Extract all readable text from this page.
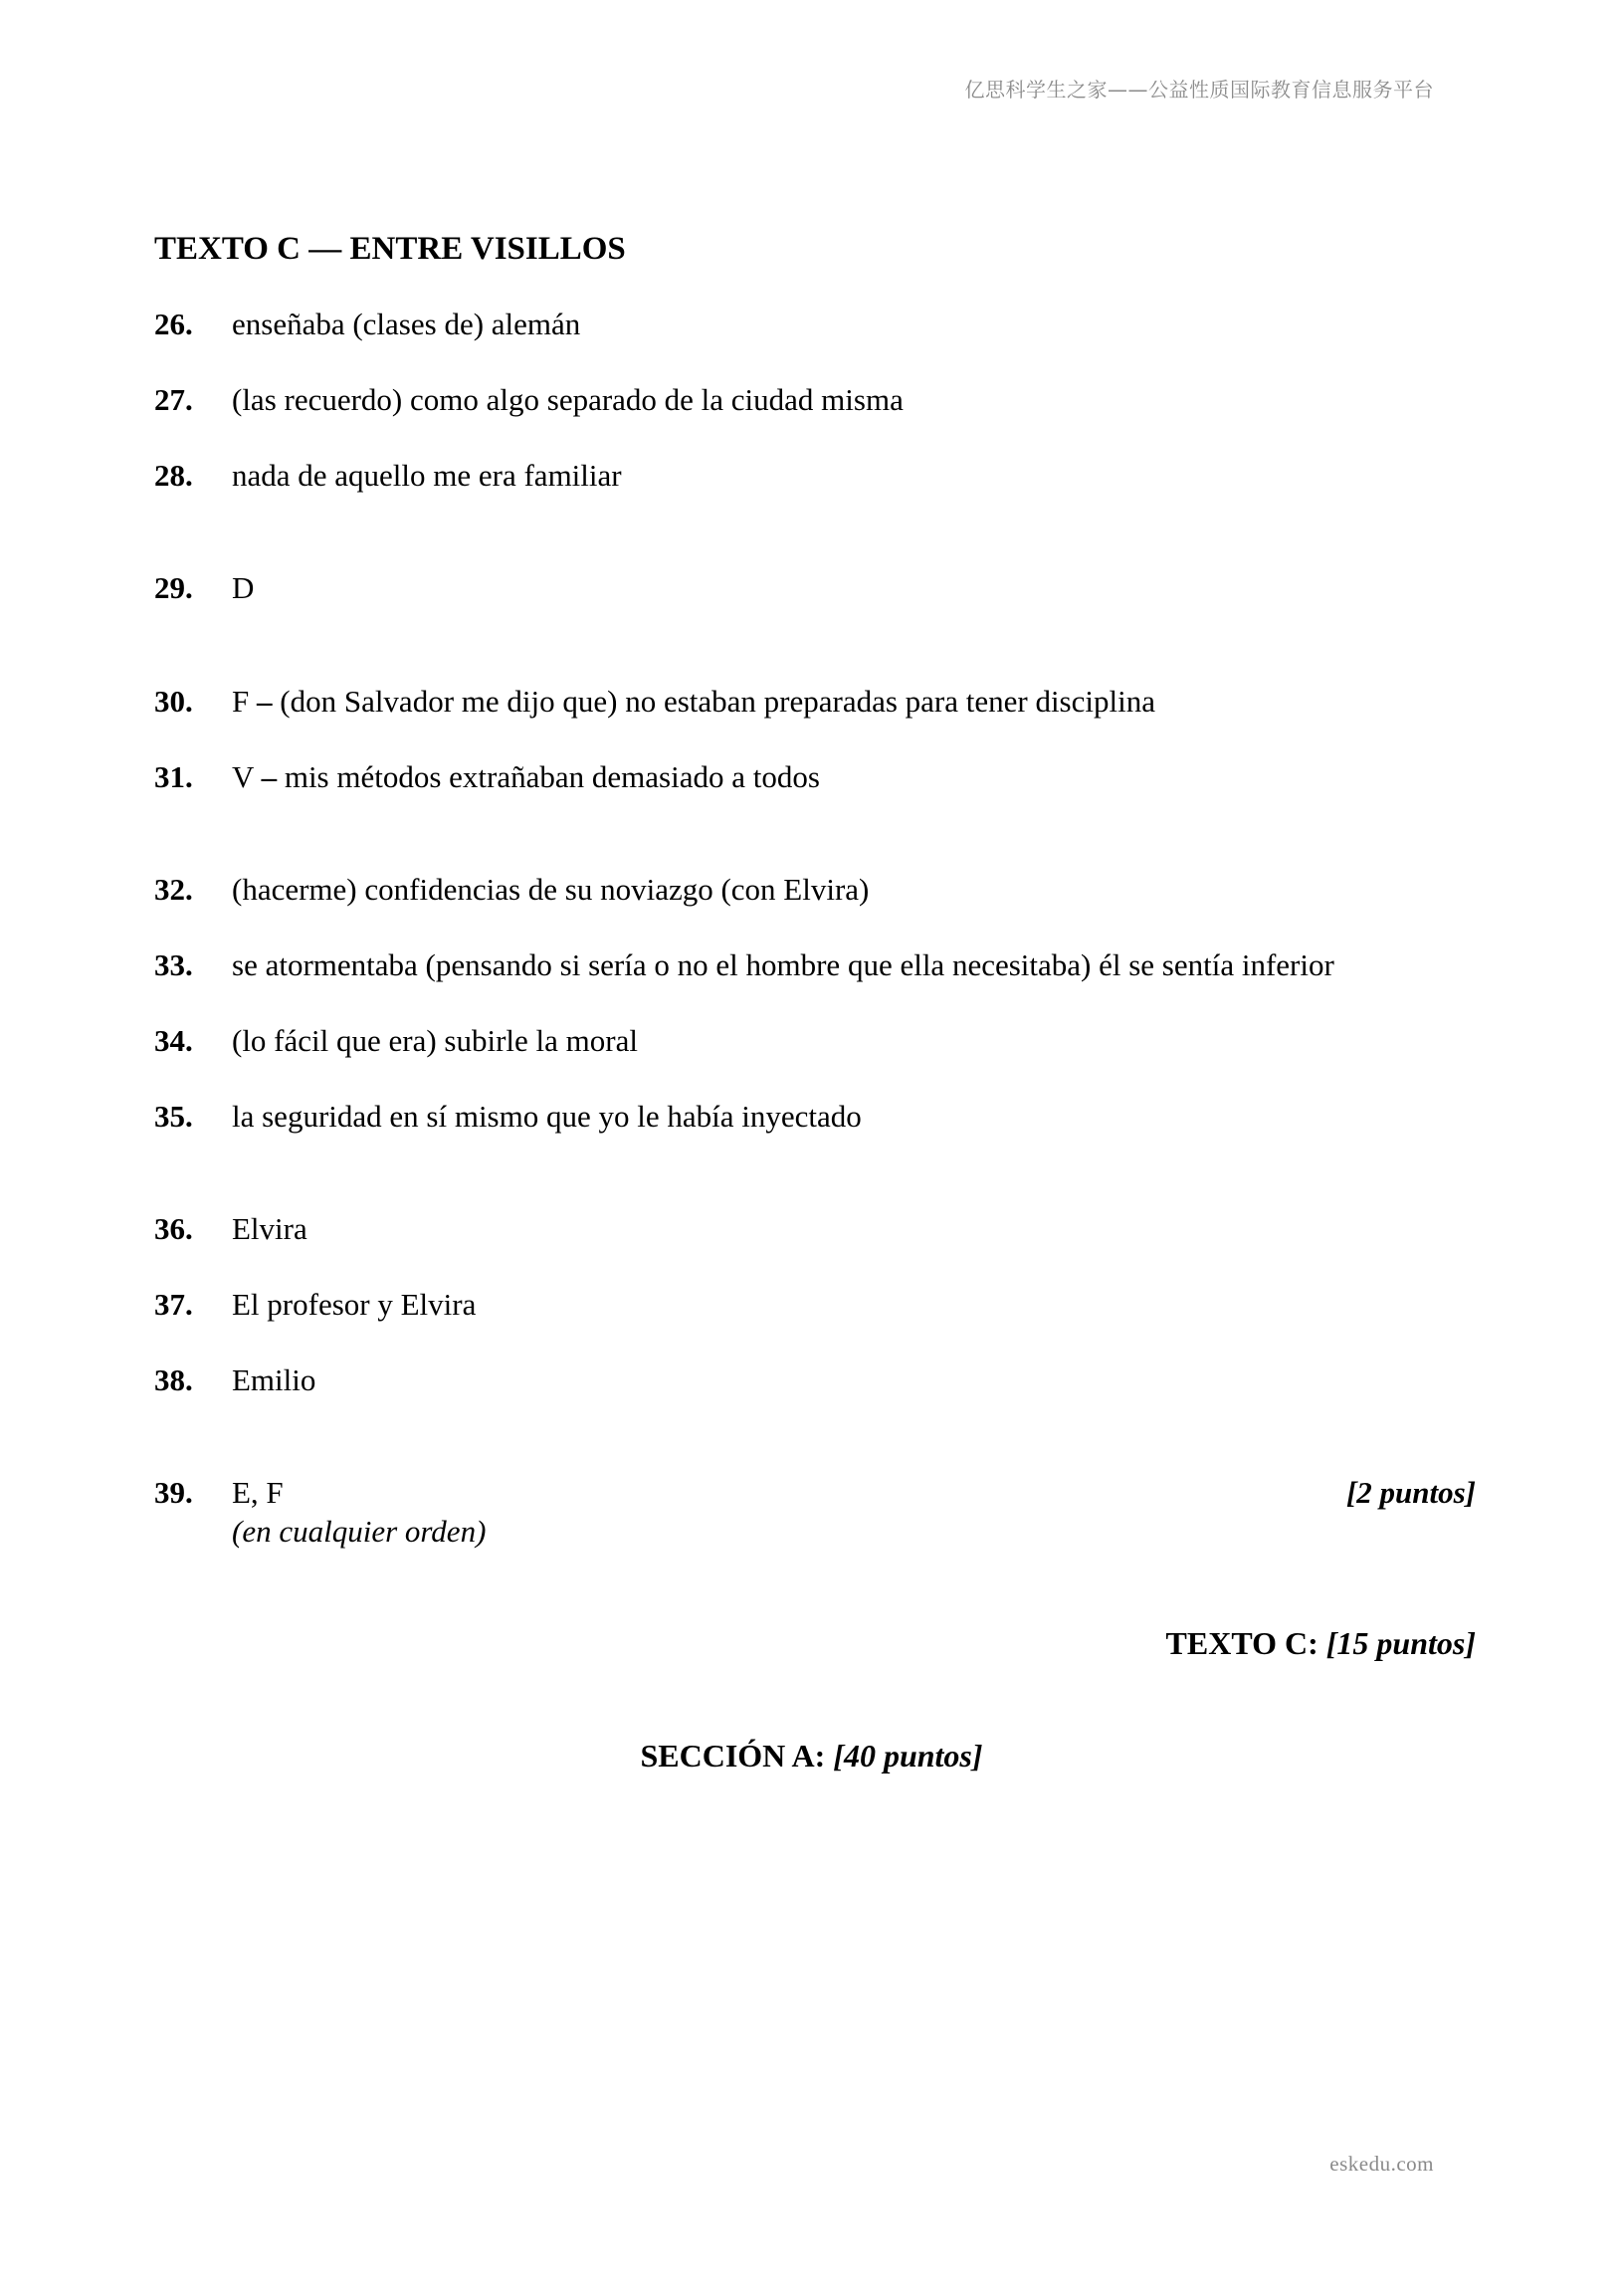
亿思科学生之家——公益性质国际教育信息服务平台
TEXTO C — ENTRE VISILLOS
26. enseñaba (clases de) alemán
27. (las recuerdo) como algo separado de la ciudad misma
28. nada de aquello me era familiar
29. D
30. F – (don Salvador me dijo que) no estaban preparadas para tener disciplina
31. V – mis métodos extrañaban demasiado a todos
32. (hacerme) confidencias de su noviazgo (con Elvira)
33. se atormentaba (pensando si sería o no el hombre que ella necesitaba) él se sentía inferior
34. (lo fácil que era) subirle la moral
35. la seguridad en sí mismo que yo le había inyectado
36. Elvira
37. El profesor y Elvira
38. Emilio
39. E, F
(en cualquier orden)
[2 puntos]
TEXTO C: [15 puntos]
SECCIÓN A: [40 puntos]
eskedu.com
